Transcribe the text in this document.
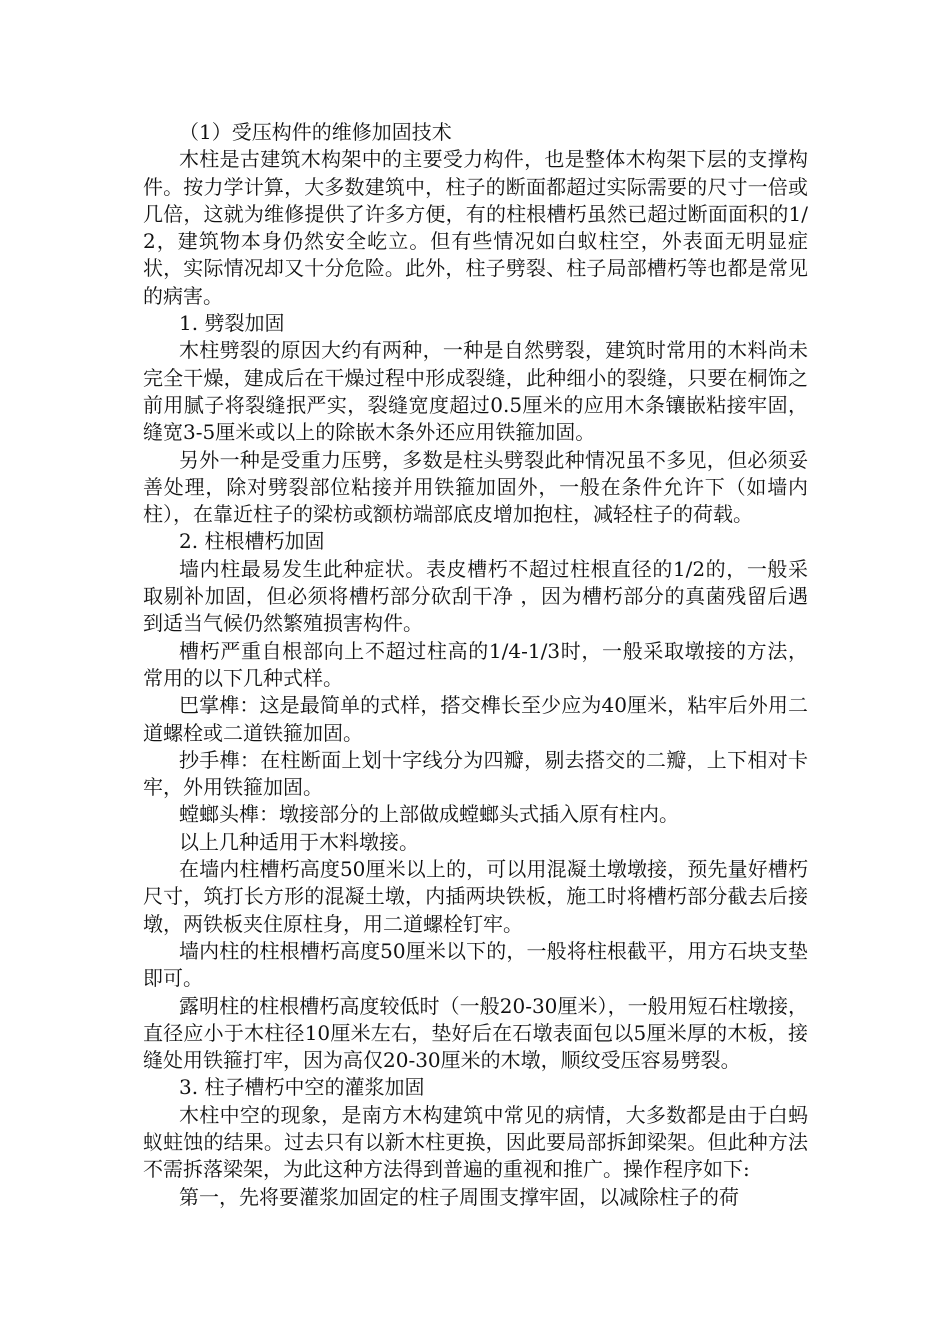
（1）受压构件的维修加固技术

木柱是古建筑木构架中的主要受力构件，也是整体木构架下层的支撑构件。按力学计算，大多数建筑中，柱子的断面都超过实际需要的尺寸一倍或几倍，这就为维修提供了许多方便，有的柱根槽朽虽然已超过断面面积的1/2，建筑物本身仍然安全屹立。但有些情况如白蚁柱空，外表面无明显症状，实际情况却又十分危险。此外，柱子劈裂、柱子局部槽朽等也都是常见的病害。

1. 劈裂加固

木柱劈裂的原因大约有两种，一种是自然劈裂，建筑时常用的木料尚未完全干燥，建成后在干燥过程中形成裂缝，此种细小的裂缝，只要在桐饰之前用腻子将裂缝抿严实，裂缝宽度超过0.5厘米的应用木条镶嵌粘接牢固，缝宽3-5厘米或以上的除嵌木条外还应用铁箍加固。

另外一种是受重力压劈，多数是柱头劈裂此种情况虽不多见，但必须妥善处理，除对劈裂部位粘接并用铁箍加固外，一般在条件允许下（如墙内柱），在靠近柱子的梁枋或额枋端部底皮增加抱柱，减轻柱子的荷载。

2. 柱根槽朽加固

墙内柱最易发生此种症状。表皮槽朽不超过柱根直径的1/2的，一般采取剔补加固，但必须将槽朽部分砍刮干净 ，因为槽朽部分的真菌残留后遇到适当气候仍然繁殖损害构件。

槽朽严重自根部向上不超过柱高的1/4-1/3时，一般采取墩接的方法，常用的以下几种式样。

巴掌榫：这是最简单的式样，搭交榫长至少应为40厘米，粘牢后外用二道螺栓或二道铁箍加固。

抄手榫：在柱断面上划十字线分为四瓣，剔去搭交的二瓣，上下相对卡牢，外用铁箍加固。

螳螂头榫：墩接部分的上部做成螳螂头式插入原有柱内。

以上几种适用于木料墩接。

在墙内柱槽朽高度50厘米以上的，可以用混凝土墩墩接，预先量好槽朽尺寸，筑打长方形的混凝土墩，内插两块铁板，施工时将槽朽部分截去后接墩，两铁板夹住原柱身，用二道螺栓钉牢。

墙内柱的柱根槽朽高度50厘米以下的，一般将柱根截平，用方石块支垫即可。

露明柱的柱根槽朽高度较低时（一般20-30厘米），一般用短石柱墩接，直径应小于木柱径10厘米左右，垫好后在石墩表面包以5厘米厚的木板，接缝处用铁箍打牢，因为高仅20-30厘米的木墩，顺纹受压容易劈裂。

3. 柱子槽朽中空的灌浆加固

木柱中空的现象，是南方木构建筑中常见的病情，大多数都是由于白蚂蚁蛀蚀的结果。过去只有以新木柱更换，因此要局部拆卸梁架。但此种方法不需拆落梁架，为此这种方法得到普遍的重视和推广。操作程序如下:

第一，先将要灌浆加固定的柱子周围支撑牢固，以减除柱子的荷
